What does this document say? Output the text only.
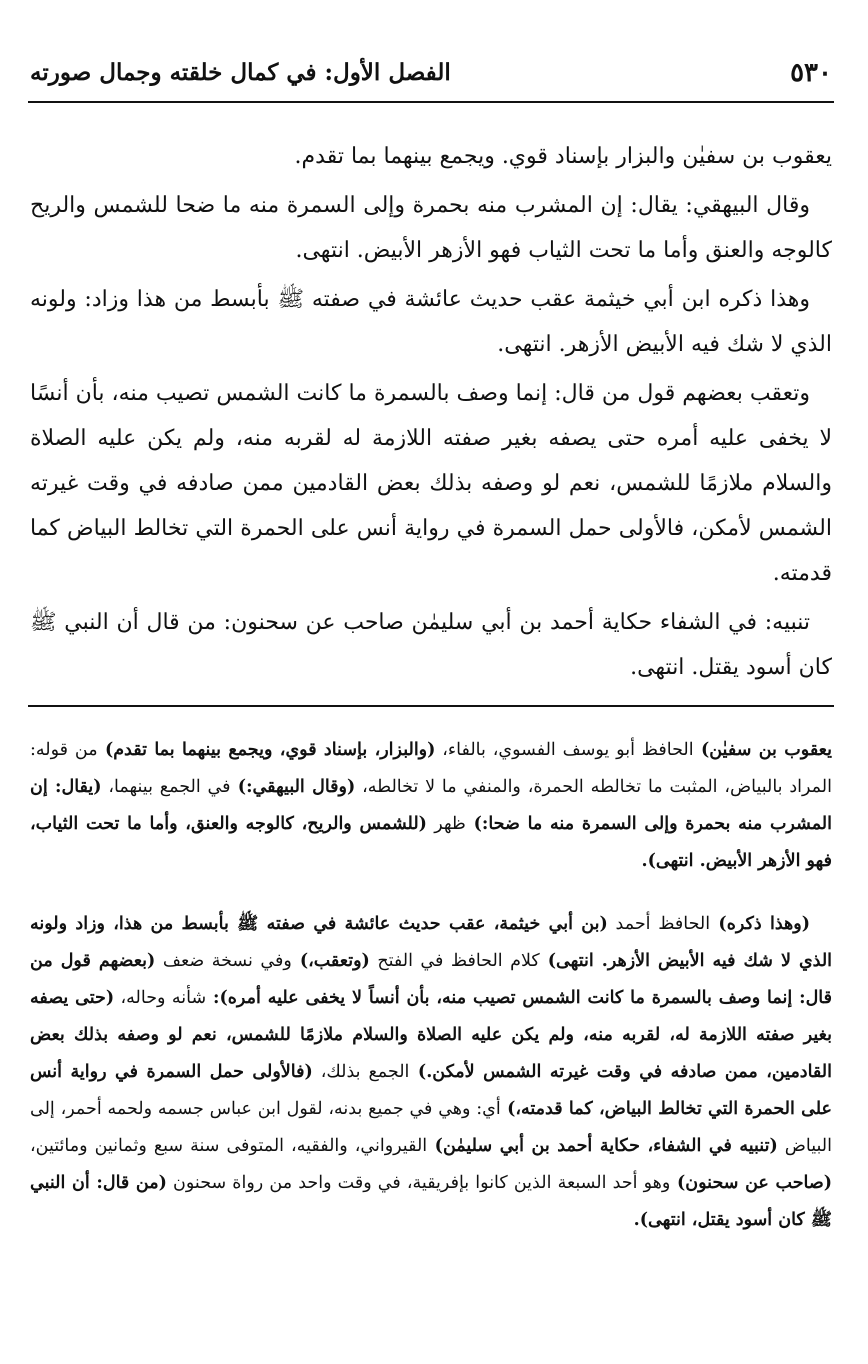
٥٣٠
الفصل الأول: في كمال خلقته وجمال صورته

يعقوب بن سفيٰن والبزار بإسناد قوي. ويجمع بينهما بما تقدم.

وقال البيهقي: يقال: إن المشرب منه بحمرة وإلى السمرة منه ما ضحا للشمس والريح كالوجه والعنق وأما ما تحت الثياب فهو الأزهر الأبيض. انتهى.

وهذا ذكره ابن أبي خيثمة عقب حديث عائشة في صفته ﷺ بأبسط من هذا وزاد: ولونه الذي لا شك فيه الأبيض الأزهر. انتهى.

وتعقب بعضهم قول من قال: إنما وصف بالسمرة ما كانت الشمس تصيب منه، بأن أنسًا لا يخفى عليه أمره حتى يصفه بغير صفته اللازمة له لقربه منه، ولم يكن عليه الصلاة والسلام ملازمًا للشمس، نعم لو وصفه بذلك بعض القادمين ممن صادفه في وقت غيرته الشمس لأمكن، فالأولى حمل السمرة في رواية أنس على الحمرة التي تخالط البياض كما قدمته.

تنبيه: في الشفاء حكاية أحمد بن أبي سليمٰن صاحب عن سحنون: من قال أن النبي ﷺ كان أسود يقتل. انتهى.

يعقوب بن سفيٰن) الحافظ أبو يوسف الفسوي، بالفاء، (والبزار، بإسناد قوي، ويجمع بينهما بما تقدم) من قوله: المراد بالبياض، المثبت ما تخالطه الحمرة، والمنفي ما لا تخالطه، (وقال البيهقي:) في الجمع بينهما، (يقال: إن المشرب منه بحمرة وإلى السمرة منه ما ضحا:) ظهر (للشمس والريح، كالوجه والعنق، وأما ما تحت الثياب، فهو الأزهر الأبيض. انتهى).

(وهذا ذكره) الحافظ أحمد (بن أبي خيثمة، عقب حديث عائشة في صفته ﷺ بأبسط من هذا، وزاد ولونه الذي لا شك فيه الأبيض الأزهر. انتهى) كلام الحافظ في الفتح (وتعقب،) وفي نسخة ضعف (بعضهم قول من قال: إنما وصف بالسمرة ما كانت الشمس تصيب منه، بأن أنساً لا يخفى عليه أمره): شأنه وحاله، (حتى يصفه بغير صفته اللازمة له، لقربه منه، ولم يكن عليه الصلاة والسلام ملازمًا للشمس، نعم لو وصفه بذلك بعض القادمين، ممن صادفه في وقت غيرته الشمس لأمكن.) الجمع بذلك، (فالأولى حمل السمرة في رواية أنس على الحمرة التي تخالط البياض، كما قدمته،) أي: وهي في جميع بدنه، لقول ابن عباس جسمه ولحمه أحمر، إلى البياض (تنبيه في الشفاء، حكاية أحمد بن أبي سليمٰن) القيرواني، والفقيه، المتوفى سنة سبع وثمانين ومائتين، (صاحب عن سحنون) وهو أحد السبعة الذين كانوا بإفريقية، في وقت واحد من رواة سحنون (من قال: أن النبي ﷺ كان أسود يقتل، انتهى).
